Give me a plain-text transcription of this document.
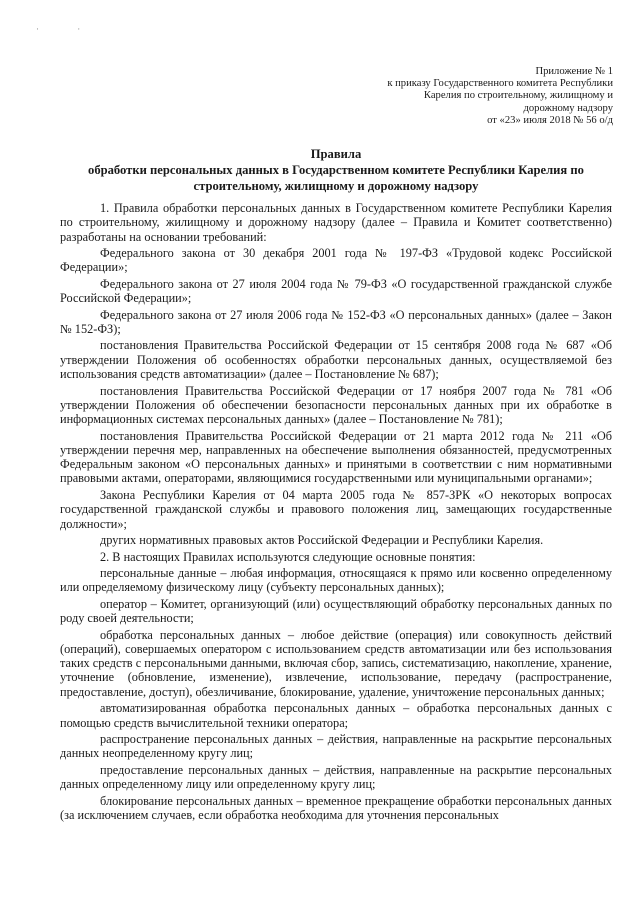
· ·
Приложение № 1
к приказу Государственного комитета Республики
Карелия по строительному, жилищному и
дорожному надзору
от «23» июля 2018 № 56 о/д
Правила
обработки персональных данных в Государственном комитете Республики Карелия по
строительному, жилищному и дорожному надзору

1. Правила обработки персональных данных в Государственном комитете Республики Карелия по строительному, жилищному и дорожному надзору (далее – Правила и Комитет соответственно) разработаны на основании требований:

Федерального закона от 30 декабря 2001 года № 197-ФЗ «Трудовой кодекс Российской Федерации»;

Федерального закона от 27 июля 2004 года № 79-ФЗ «О государственной гражданской службе Российской Федерации»;

Федерального закона от 27 июля 2006 года № 152-ФЗ «О персональных данных» (далее – Закон № 152-ФЗ);

постановления Правительства Российской Федерации от 15 сентября 2008 года № 687 «Об утверждении Положения об особенностях обработки персональных данных, осуществляемой без использования средств автоматизации» (далее – Постановление № 687);

постановления Правительства Российской Федерации от 17 ноября 2007 года № 781 «Об утверждении Положения об обеспечении безопасности персональных данных при их обработке в информационных системах персональных данных» (далее – Постановление № 781);

постановления Правительства Российской Федерации от 21 марта 2012 года № 211 «Об утверждении перечня мер, направленных на обеспечение выполнения обязанностей, предусмотренных Федеральным законом «О персональных данных» и принятыми в соответствии с ним нормативными правовыми актами, операторами, являющимися государственными или муниципальными органами»;

Закона Республики Карелия от 04 марта 2005 года № 857-ЗРК «О некоторых вопросах государственной гражданской службы и правового положения лиц, замещающих государственные должности»;

других нормативных правовых актов Российской Федерации и Республики Карелия.

2. В настоящих Правилах используются следующие основные понятия:

персональные данные – любая информация, относящаяся к прямо или косвенно определенному или определяемому физическому лицу (субъекту персональных данных);

оператор – Комитет, организующий (или) осуществляющий обработку персональных данных по роду своей деятельности;

обработка персональных данных – любое действие (операция) или совокупность действий (операций), совершаемых оператором с использованием средств автоматизации или без использования таких средств с персональными данными, включая сбор, запись, систематизацию, накопление, хранение, уточнение (обновление, изменение), извлечение, использование, передачу (распространение, предоставление, доступ), обезличивание, блокирование, удаление, уничтожение персональных данных;

автоматизированная обработка персональных данных – обработка персональных данных с помощью средств вычислительной техники оператора;

распространение персональных данных – действия, направленные на раскрытие персональных данных неопределенному кругу лиц;

предоставление персональных данных – действия, направленные на раскрытие персональных данных определенному лицу или определенному кругу лиц;

блокирование персональных данных – временное прекращение обработки персональных данных (за исключением случаев, если обработка необходима для уточнения персональных
